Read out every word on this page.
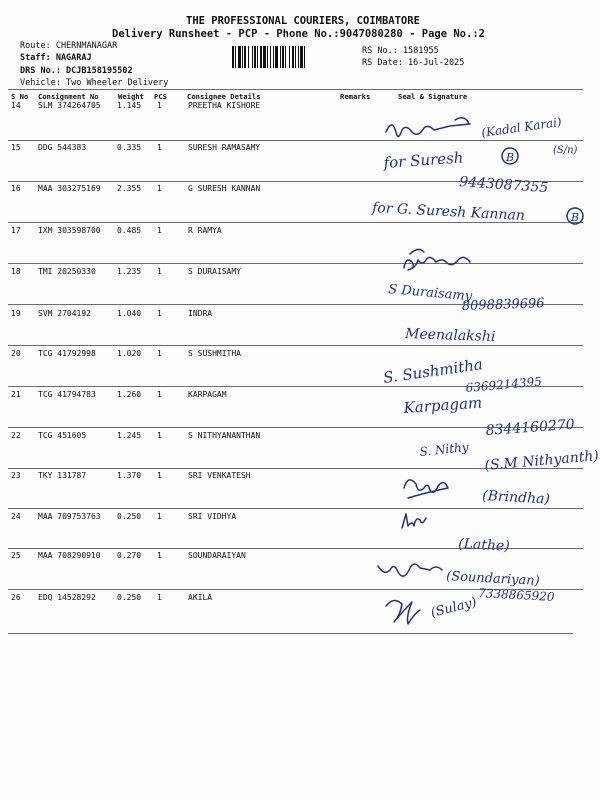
THE PROFESSIONAL COURIERS, COIMBATORE
Delivery Runsheet - PCP - Phone No.:9047080280 - Page No.:2
Route: CHERNMANAGAR
Staff: NAGARAJ
DRS No.: DCJB158195502
Vehicle: Two Wheeler Delivery
RS No.: 1581955
RS Date: 16-Jul-2025
S No Consignment No	Weight PCS	Consignee Details	Remarks	Seal & Signature
14 SLM 374264705 1.145 1	PREETHA KISHORE
15 DDG 544383	0.335 1	SURESH RAMASAMY
16 MAA 303275169 2.355 1	G SURESH KANNAN
17 IXM 303598700 0.485 1	R RAMYA
18 TMI 20250330	1.235 1	S DURAISAMY
19 SVM 2704192	1.040 1	INDRA
20 TCG 41792998	1.020 1	S SUSHMITHA
21 TCG 41794783	1.260 1	KARPAGAM
22 TCG 451605	1.245 1	S NITHYANANTHAN
23 TKY 131787	1.370 1	SRI VENKATESH
24 MAA 709753763 0.250 1	SRI VIDHYA
25 MAA 708290910 0.270 1	SOUNDARAIYAN
26 EDQ 14528292	0.250 1	AKILA
(Kadal Karai)
(S/n)
for Suresh	B
9443087355
for G. Suresh Kannan	B
S Duraisamy
8098839696
Meenalakshi
S. Sushmitha
6369214395
Karpagam
8344160270
S. Nithy (S.M Nithyanth)
(Brindha)
(Lathe)
(Soundariyan)
7338865920
(Sulay)
